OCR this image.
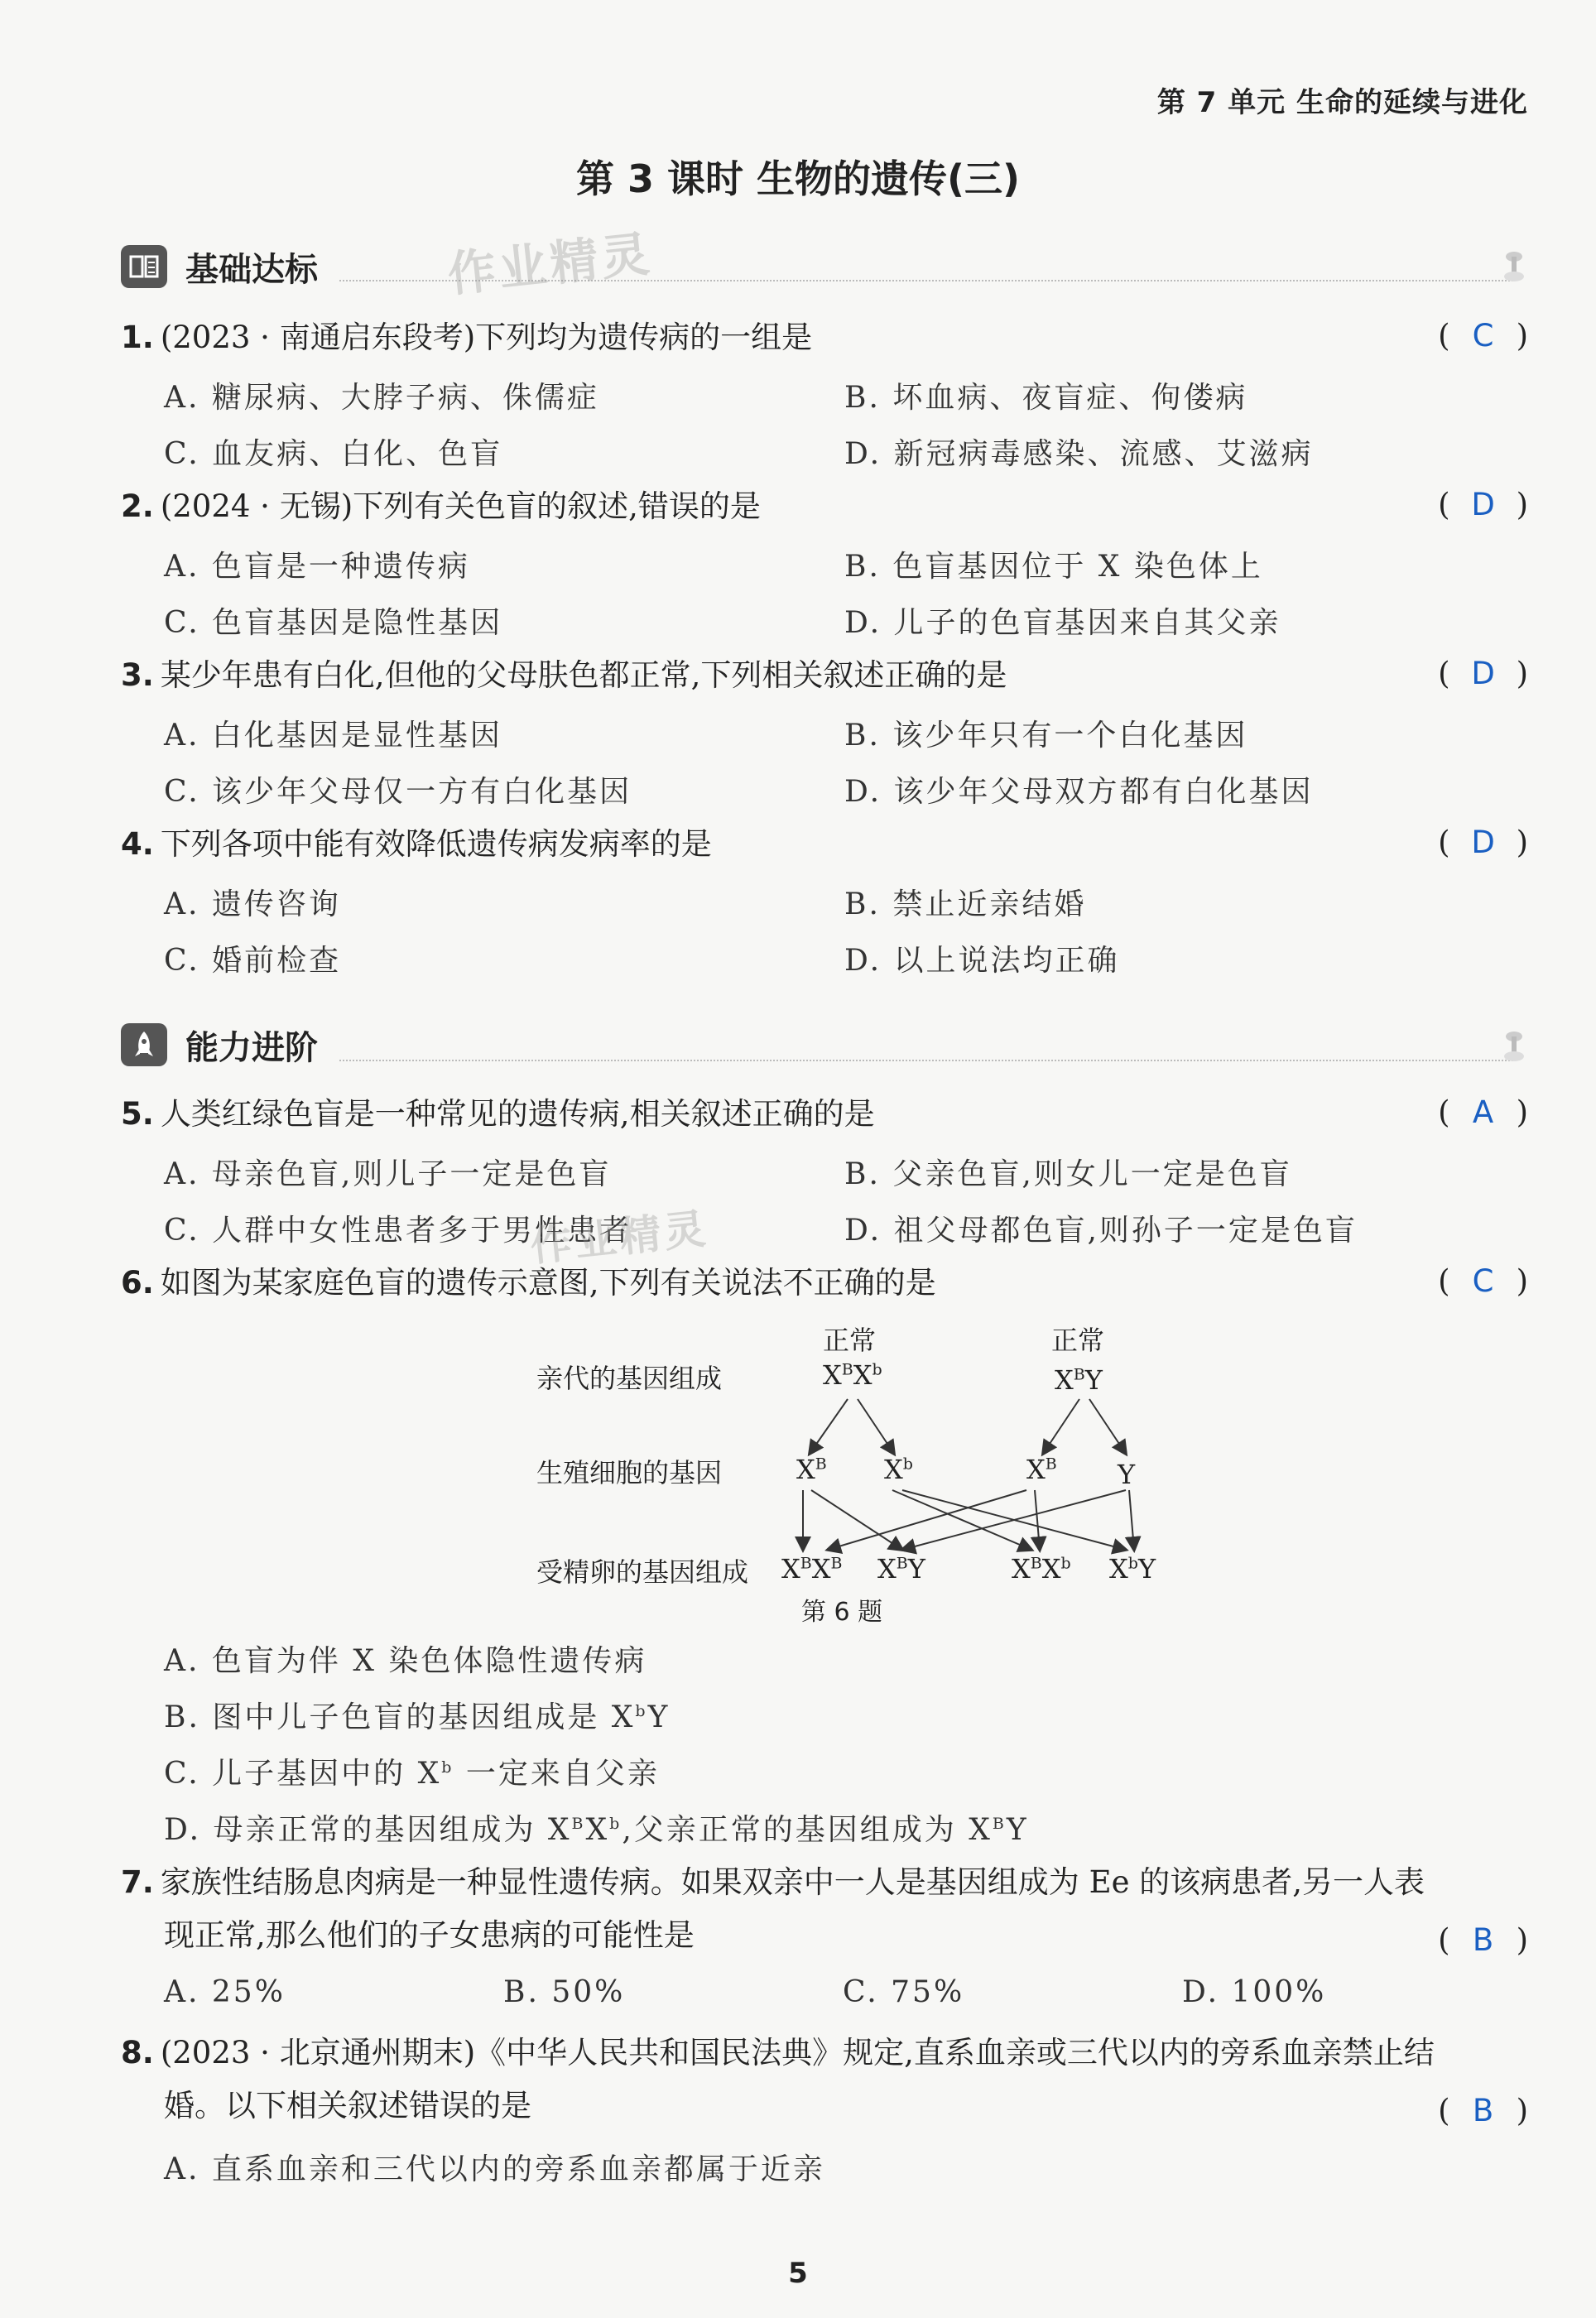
第 7 单元 生命的延续与进化
第 3 课时 生物的遗传(三)
基础达标	作业精灵
1. (2023 · 南通启东段考)下列均为遗传病的一组是	( C )
A. 糖尿病、大脖子病、侏儒症	B. 坏血病、夜盲症、佝偻病
C. 血友病、白化、色盲	D. 新冠病毒感染、流感、艾滋病
2. (2024 · 无锡)下列有关色盲的叙述,错误的是	( D )
A. 色盲是一种遗传病	B. 色盲基因位于 X 染色体上
C. 色盲基因是隐性基因	D. 儿子的色盲基因来自其父亲
3. 某少年患有白化,但他的父母肤色都正常,下列相关叙述正确的是	( D )
A. 白化基因是显性基因	B. 该少年只有一个白化基因
C. 该少年父母仅一方有白化基因	D. 该少年父母双方都有白化基因
4. 下列各项中能有效降低遗传病发病率的是	( D )
A. 遗传咨询	B. 禁止近亲结婚
C. 婚前检查	D. 以上说法均正确
能力进阶
5. 人类红绿色盲是一种常见的遗传病,相关叙述正确的是	( A )
A. 母亲色盲,则儿子一定是色盲	B. 父亲色盲,则女儿一定是色盲
C. 人群中女性患者多于男性患者	D. 祖父母都色盲,则孙子一定是色盲
作业精灵
6. 如图为某家庭色盲的遗传示意图,下列有关说法不正确的是	( C )
亲代的基因组成
生殖细胞的基因
受精卵的基因组成
正常	正常
$X^BX^b$	$X^BY$
$X^B$ $X^b$	$X^B$ Y
$X^BX^B$ $X^BY$	$X^BX^b$ $X^bY$
第 6 题
A. 色盲为伴 X 染色体隐性遗传病
B. 图中儿子色盲的基因组成是 $X^bY$
C. 儿子基因中的 $X^b$ 一定来自父亲
D. 母亲正常的基因组成为 $X^BX^b$,父亲正常的基因组成为 $X^BY$
7. 家族性结肠息肉病是一种显性遗传病。如果双亲中一人是基因组成为 Ee 的该病患者,另一人表
现正常,那么他们的子女患病的可能性是	( B )
A. 25%	B. 50%	C. 75%	D. 100%
8. (2023 · 北京通州期末)《中华人民共和国民法典》规定,直系血亲或三代以内的旁系血亲禁止结
婚。以下相关叙述错误的是	( B )
A. 直系血亲和三代以内的旁系血亲都属于近亲
5
